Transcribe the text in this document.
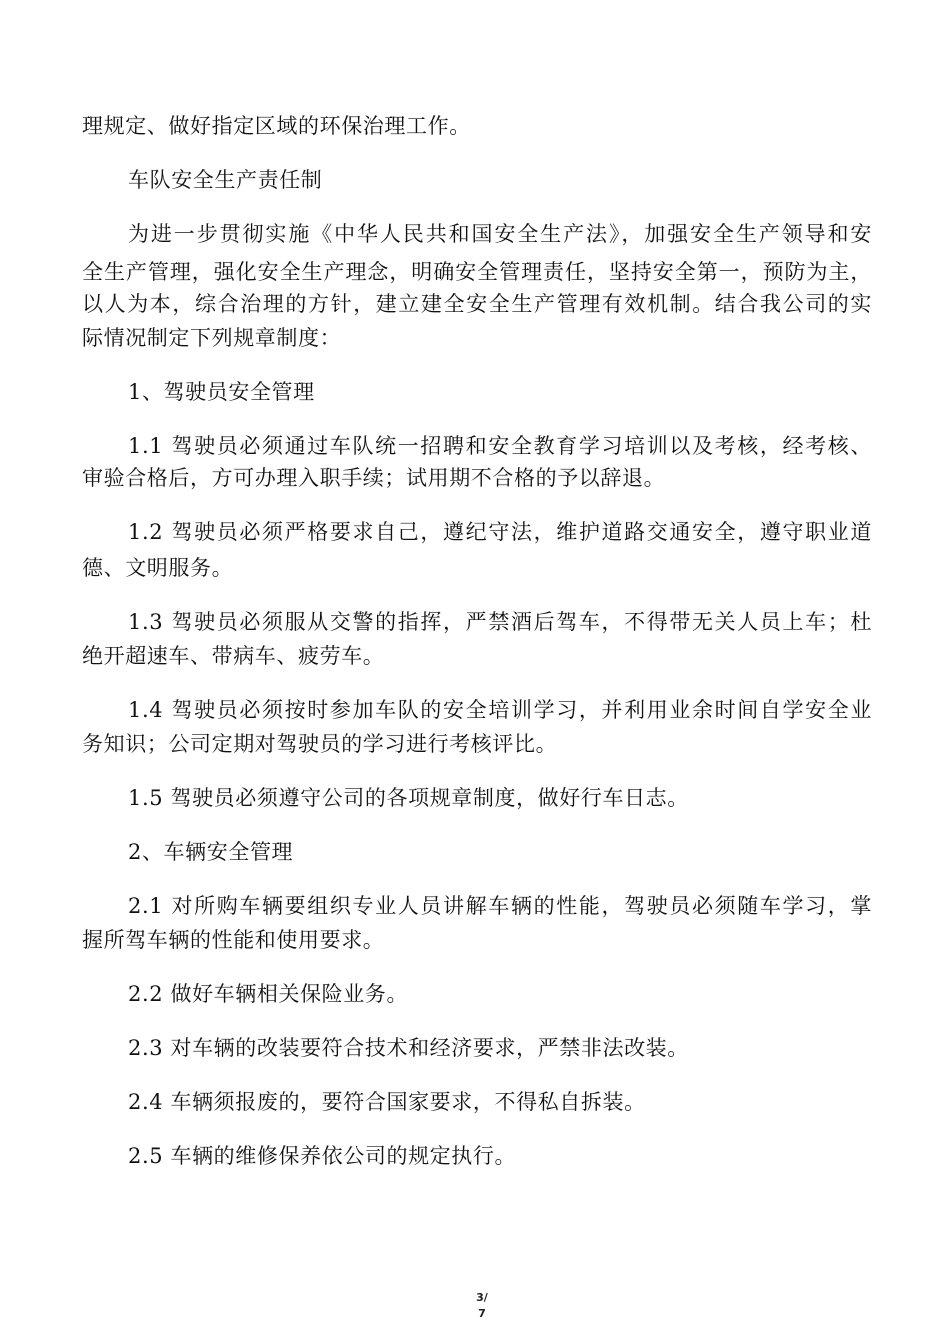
理规定、做好指定区域的环保治理工作。
车队安全生产责任制
为进一步贯彻实施《中华人民共和国安全生产法》，加强安全生产领导和安
全生产管理，强化安全生产理念，明确安全管理责任，坚持安全第一，预防为主，
以人为本，综合治理的方针，建立建全安全生产管理有效机制。结合我公司的实
际情况制定下列规章制度：
1、驾驶员安全管理
1.1 驾驶员必须通过车队统一招聘和安全教育学习培训以及考核，经考核、
审验合格后，方可办理入职手续；试用期不合格的予以辞退。
1.2 驾驶员必须严格要求自己，遵纪守法，维护道路交通安全，遵守职业道
德、文明服务。
1.3 驾驶员必须服从交警的指挥，严禁酒后驾车，不得带无关人员上车；杜
绝开超速车、带病车、疲劳车。
1.4 驾驶员必须按时参加车队的安全培训学习，并利用业余时间自学安全业
务知识；公司定期对驾驶员的学习进行考核评比。
1.5 驾驶员必须遵守公司的各项规章制度，做好行车日志。
2、车辆安全管理
2.1 对所购车辆要组织专业人员讲解车辆的性能，驾驶员必须随车学习，掌
握所驾车辆的性能和使用要求。
2.2 做好车辆相关保险业务。
2.3 对车辆的改装要符合技术和经济要求，严禁非法改装。
2.4 车辆须报废的，要符合国家要求，不得私自拆装。
2.5 车辆的维修保养依公司的规定执行。
3/
7
